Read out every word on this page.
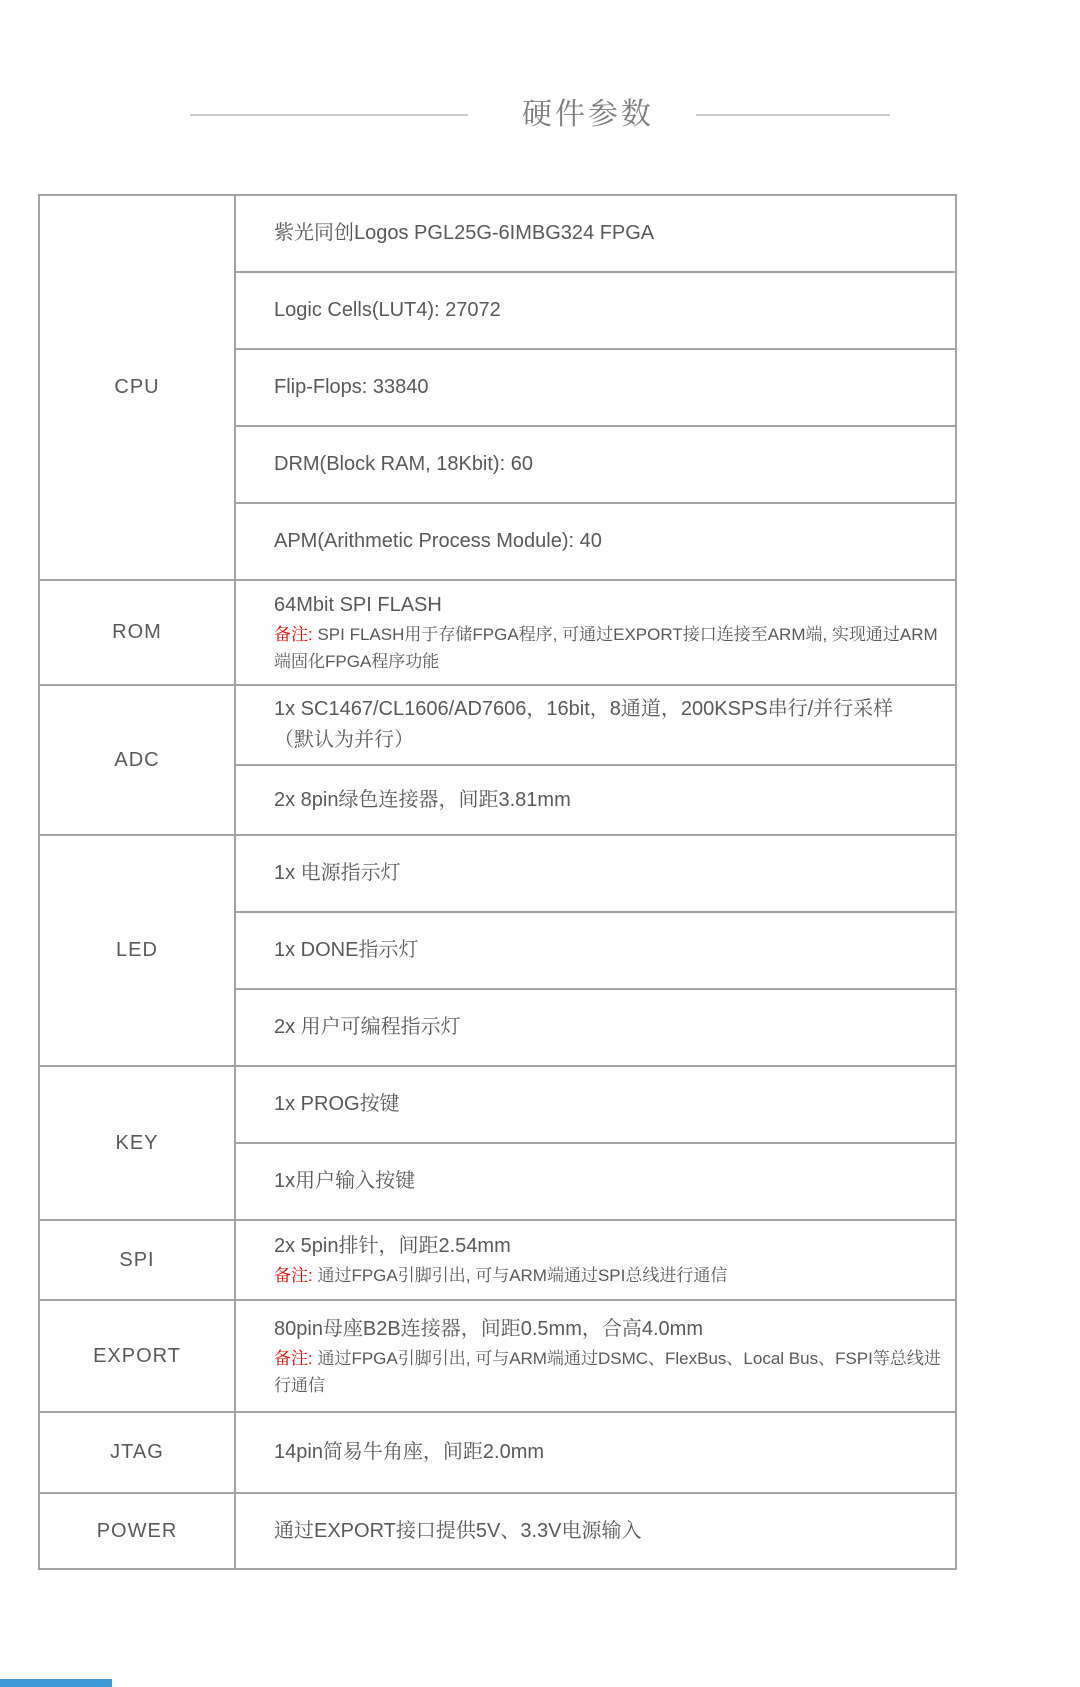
硬件参数
CPU	紫光同创Logos PGL25G-6IMBG324 FPGA

	Logic Cells(LUT4): 27072

	Flip-Flops: 33840

	DRM(Block RAM, 18Kbit): 60

	APM(Arithmetic Process Module): 40

ROM	64Mbit SPI FLASH
备注: SPI FLASH用于存储FPGA程序, 可通过EXPORT接口连接至ARM端, 实现通过ARM端固化FPGA程序功能

ADC	1x SC1467/CL1606/AD7606，16bit，8通道，200KSPS串行/并行采样（默认为并行）

	2x 8pin绿色连接器，间距3.81mm

LED	1x 电源指示灯

	1x DONE指示灯

	2x 用户可编程指示灯

KEY	1x PROG按键

	1x用户输入按键

SPI	2x 5pin排针，间距2.54mm
备注: 通过FPGA引脚引出, 可与ARM端通过SPI总线进行通信

EXPORT	80pin母座B2B连接器，间距0.5mm，合高4.0mm
备注: 通过FPGA引脚引出, 可与ARM端通过DSMC、FlexBus、Local Bus、FSPI等总线进行通信

JTAG	14pin简易牛角座，间距2.0mm

POWER	通过EXPORT接口提供5V、3.3V电源输入
